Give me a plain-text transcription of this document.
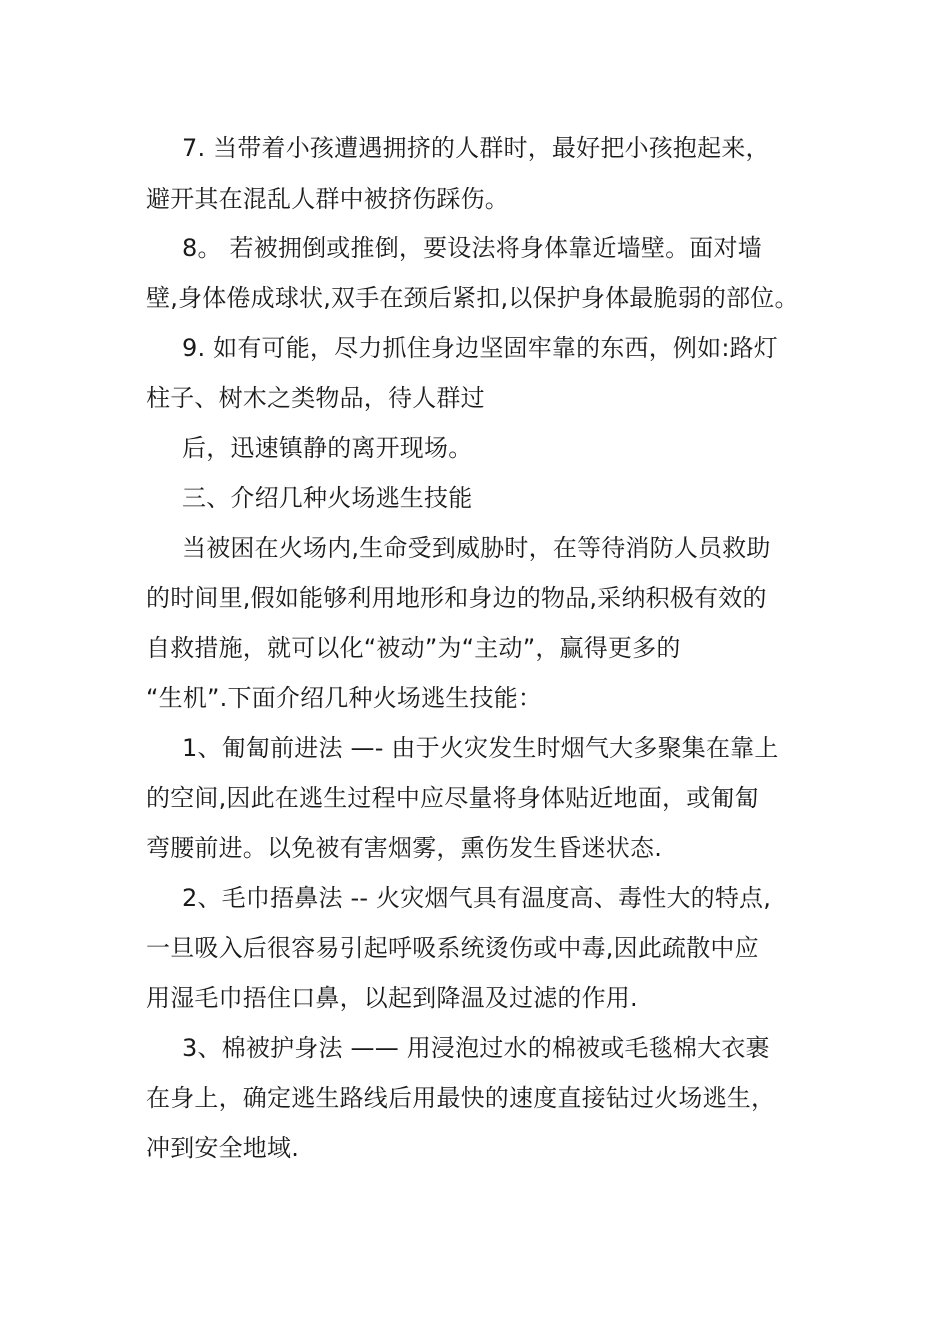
7. 当带着小孩遭遇拥挤的人群时，最好把小孩抱起来，
避开其在混乱人群中被挤伤踩伤。
8。 若被拥倒或推倒，要设法将身体靠近墙壁。面对墙
壁,身体倦成球状,双手在颈后紧扣,以保护身体最脆弱的部位。
9. 如有可能，尽力抓住身边坚固牢靠的东西，例如:路灯
柱子、树木之类物品，待人群过
后，迅速镇静的离开现场。
三、介绍几种火场逃生技能
当被困在火场内,生命受到威胁时，在等待消防人员救助
的时间里,假如能够利用地形和身边的物品,采纳积极有效的
自救措施，就可以化“被动”为“主动”，赢得更多的
“生机”.下面介绍几种火场逃生技能：
1、匍匐前进法 —- 由于火灾发生时烟气大多聚集在靠上
的空间,因此在逃生过程中应尽量将身体贴近地面，或匍匐
弯腰前进。以免被有害烟雾，熏伤发生昏迷状态.
2、毛巾捂鼻法 -- 火灾烟气具有温度高、毒性大的特点,
一旦吸入后很容易引起呼吸系统烫伤或中毒,因此疏散中应
用湿毛巾捂住口鼻，以起到降温及过滤的作用.
3、棉被护身法 —— 用浸泡过水的棉被或毛毯棉大衣裹
在身上，确定逃生路线后用最快的速度直接钻过火场逃生，
冲到安全地域.
